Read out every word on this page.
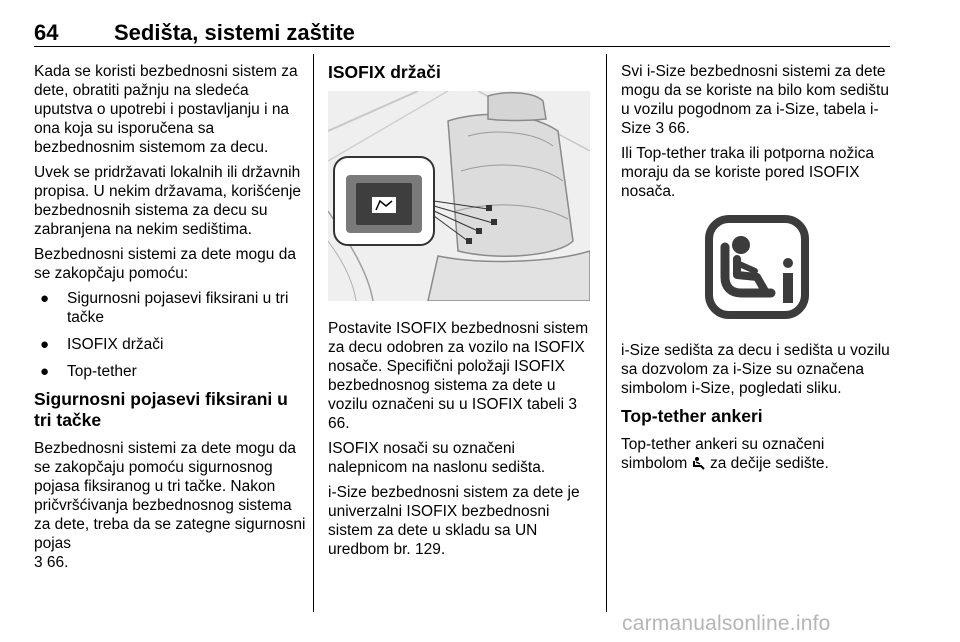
64	Sedišta, sistemi zaštite

Kada se koristi bezbednosni sistem za dete, obratiti pažnju na sledeća uputstva o upotrebi i postavljanju i na ona koja su isporučena sa bezbednosnim sistemom za decu.

Uvek se pridržavati lokalnih ili državnih propisa. U nekim državama, korišćenje bezbednosnih sistema za decu su zabranjena na nekim sedištima.

Bezbednosni sistemi za dete mogu da se zakopčaju pomoću:

● Sigurnosni pojasevi fiksirani u tri tačke
● ISOFIX držači
● Top-tether
Sigurnosni pojasevi fiksirani u tri tačke

Bezbednosni sistemi za dete mogu da se zakopčaju pomoću sigurnosnog pojasa fiksiranog u tri tačke. Nakon pričvršćivanja bezbednosnog sistema za dete, treba da se zategne sigurnosni pojas
3 66.

ISOFIX držači

Postavite ISOFIX bezbednosni sistem za decu odobren za vozilo na ISOFIX nosače. Specifični položaji ISOFIX bezbednosnog sistema za dete u vozilu označeni su u ISOFIX tabeli 3 66.

ISOFIX nosači su označeni nalepnicom na naslonu sedišta.

i-Size bezbednosni sistem za dete je univerzalni ISOFIX bezbednosni sistem za dete u skladu sa UN uredbom br. 129.

Svi i-Size bezbednosni sistemi za dete mogu da se koriste na bilo kom sedištu u vozilu pogodnom za i-Size, tabela i-Size 3 66.

Ili Top-tether traka ili potporna nožica moraju da se koriste pored ISOFIX nosača.

i-Size sedišta za decu i sedišta u vozilu sa dozvolom za i-Size su označena simbolom i-Size, pogledati sliku.

Top-tether ankeri

Top-tether ankeri su označeni simbolom za dečije sedište.

carmanualsonline.info
